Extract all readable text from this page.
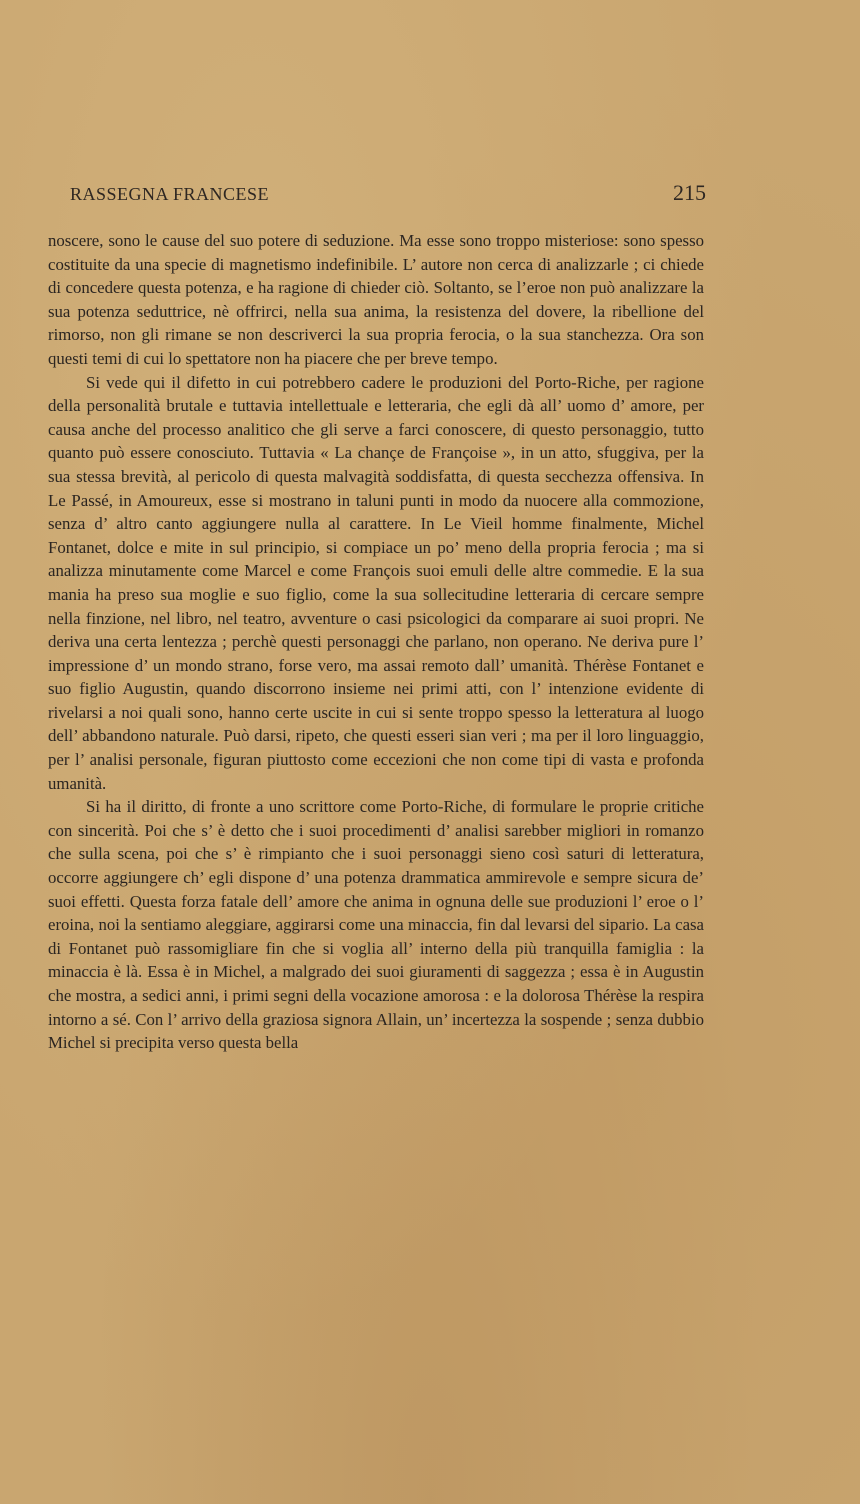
RASSEGNA FRANCESE	215

noscere, sono le cause del suo potere di seduzione. Ma esse sono troppo misteriose: sono spesso costituite da una specie di magnetismo indefinibile. L’ autore non cerca di analizzarle ; ci chiede di concedere questa potenza, e ha ragione di chieder ciò. Soltanto, se l’eroe non può analizzare la sua potenza seduttrice, nè offrirci, nella sua anima, la resistenza del dovere, la ribellione del rimorso, non gli rimane se non descriverci la sua propria ferocia, o la sua stanchezza. Ora son questi temi di cui lo spettatore non ha piacere che per breve tempo.

Si vede qui il difetto in cui potrebbero cadere le produzioni del Porto-Riche, per ragione della personalità brutale e tuttavia intellettuale e letteraria, che egli dà all’ uomo d’ amore, per causa anche del processo analitico che gli serve a farci conoscere, di questo personaggio, tutto quanto può essere conosciuto. Tuttavia « La chançe de Françoise », in un atto, sfuggiva, per la sua stessa brevità, al pericolo di questa malvagità soddisfatta, di questa secchezza offensiva. In Le Passé, in Amoureux, esse si mostrano in taluni punti in modo da nuocere alla commozione, senza d’ altro canto aggiungere nulla al carattere. In Le Vieil homme finalmente, Michel Fontanet, dolce e mite in sul principio, si compiace un po’ meno della propria ferocia ; ma si analizza minutamente come Marcel e come François suoi emuli delle altre commedie. E la sua mania ha preso sua moglie e suo figlio, come la sua sollecitudine letteraria di cercare sempre nella finzione, nel libro, nel teatro, avventure o casi psicologici da comparare ai suoi propri. Ne deriva una certa lentezza ; perchè questi personaggi che parlano, non operano. Ne deriva pure l’ impressione d’ un mondo strano, forse vero, ma assai remoto dall’ umanità. Thérèse Fontanet e suo figlio Augustin, quando discorrono insieme nei primi atti, con l’ intenzione evidente di rivelarsi a noi quali sono, hanno certe uscite in cui si sente troppo spesso la letteratura al luogo dell’ abbandono naturale. Può darsi, ripeto, che questi esseri sian veri ; ma per il loro linguaggio, per l’ analisi personale, figuran piuttosto come eccezioni che non come tipi di vasta e profonda umanità.

Si ha il diritto, di fronte a uno scrittore come Porto-Riche, di formulare le proprie critiche con sincerità. Poi che s’ è detto che i suoi procedimenti d’ analisi sarebber migliori in romanzo che sulla scena, poi che s’ è rimpianto che i suoi personaggi sieno così saturi di letteratura, occorre aggiungere ch’ egli dispone d’ una potenza drammatica ammirevole e sempre sicura de’ suoi effetti. Questa forza fatale dell’ amore che anima in ognuna delle sue produzioni l’ eroe o l’ eroina, noi la sentiamo aleggiare, aggirarsi come una minaccia, fin dal levarsi del sipario. La casa di Fontanet può rassomigliare fin che si voglia all’ interno della più tranquilla famiglia : la minaccia è là. Essa è in Michel, a malgrado dei suoi giuramenti di saggezza ; essa è in Augustin che mostra, a sedici anni, i primi segni della vocazione amorosa : e la dolorosa Thérèse la respira intorno a sé. Con l’ arrivo della graziosa signora Allain, un’ incertezza la sospende ; senza dubbio Michel si precipita verso questa bella
